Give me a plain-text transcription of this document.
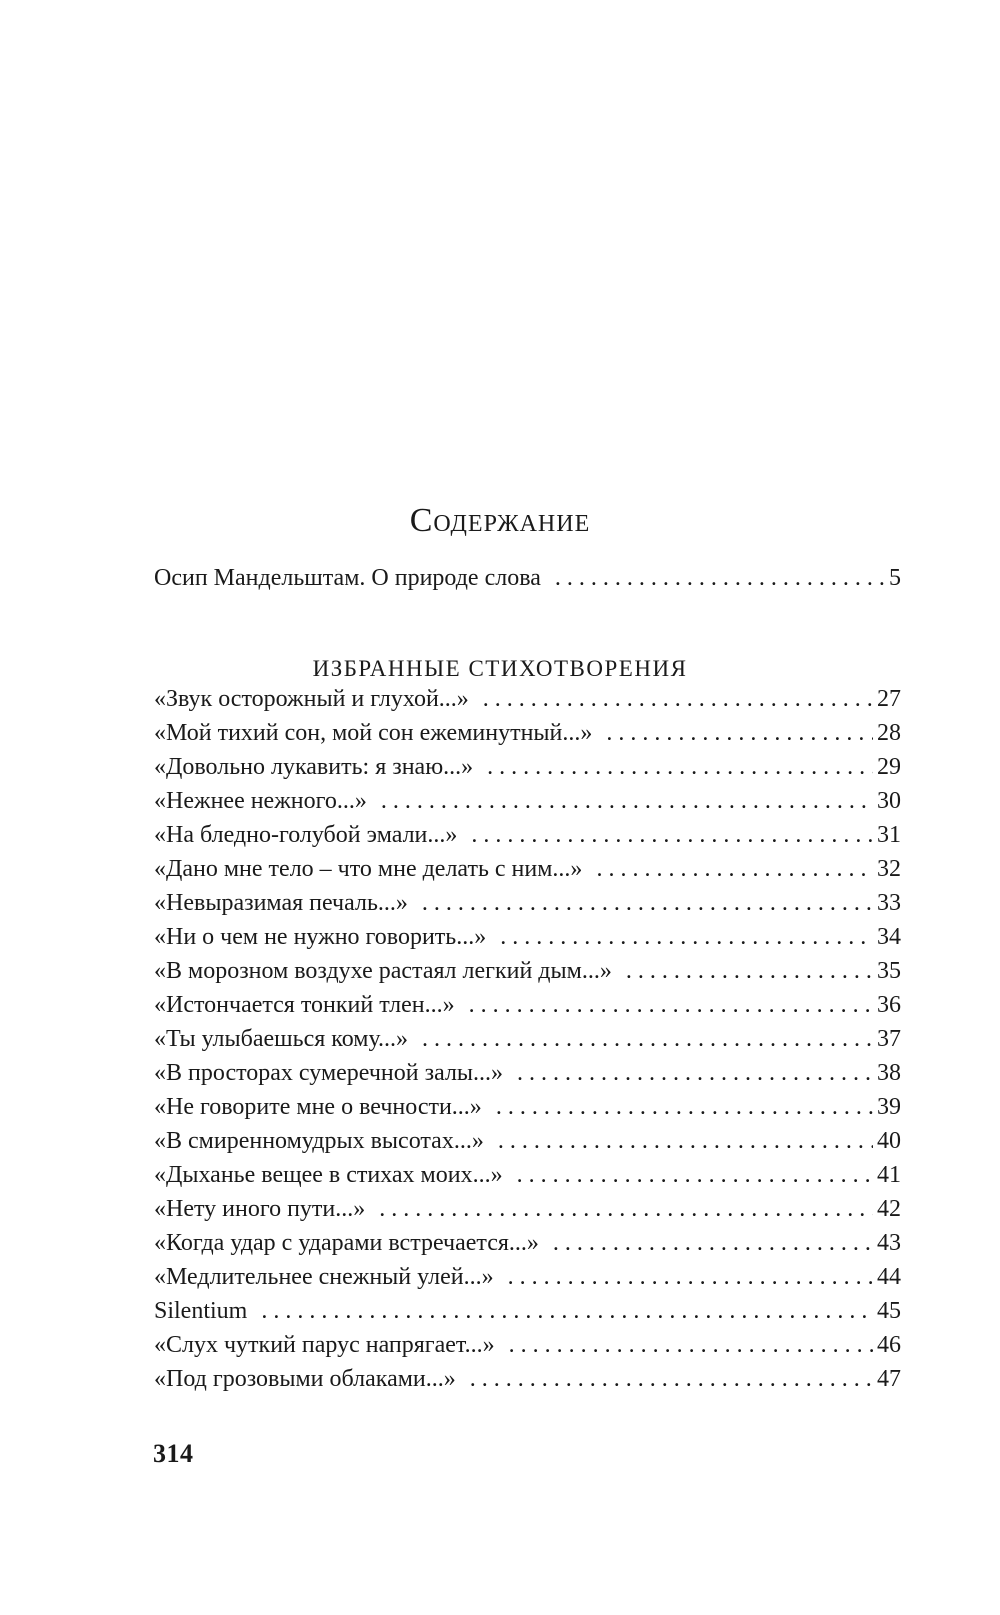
Содержание
Осип Мандельштам. О природе слова . . .	5
ИЗБРАННЫЕ СТИХОТВОРЕНИЯ
«Звук осторожный и глухой...» . . .	27
«Мой тихий сон, мой сон ежеминутный...» . . .	28
«Довольно лукавить: я знаю...» . . .	29
«Нежнее нежного...» . . .	30
«На бледно-голубой эмали...» . . .	31
«Дано мне тело – что мне делать с ним...» . . .	32
«Невыразимая печаль...» . . .	33
«Ни о чем не нужно говорить...» . . .	34
«В морозном воздухе растаял легкий дым...» . . .	35
«Истончается тонкий тлен...» . . .	36
«Ты улыбаешься кому...» . . .	37
«В просторах сумеречной залы...» . . .	38
«Не говорите мне о вечности...» . . .	39
«В смиренномудрых высотах...» . . .	40
«Дыханье вещее в стихах моих...» . . .	41
«Нету иного пути...» . . .	42
«Когда удар с ударами встречается...» . . .	43
«Медлительнее снежный улей...» . . .	44
Silentium . . .	45
«Слух чуткий парус напрягает...» . . .	46
«Под грозовыми облаками...» . . .	47
314
